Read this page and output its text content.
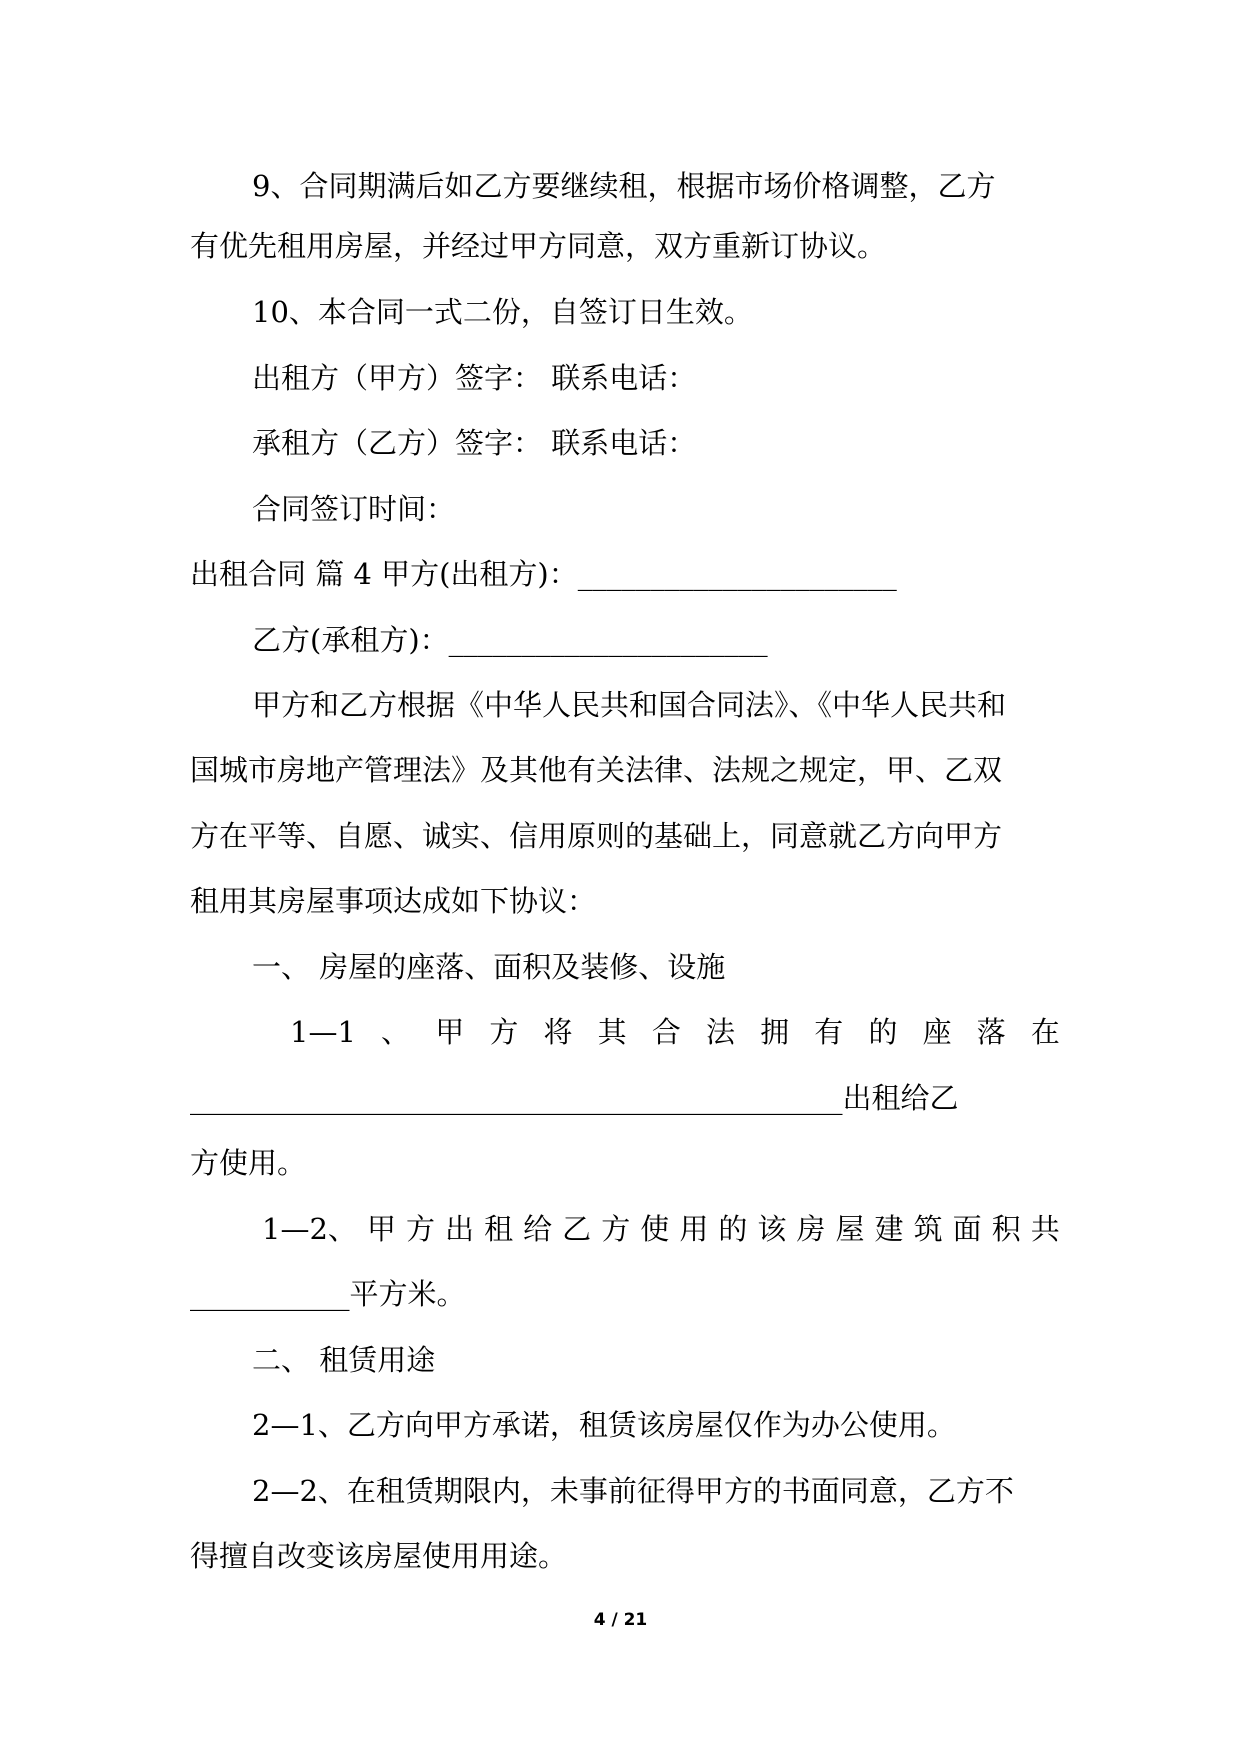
9、合同期满后如乙方要继续租，根据市场价格调整，乙方
有优先租用房屋，并经过甲方同意，双方重新订协议。
10、本合同一式二份，自签订日生效。
出租方（甲方）签字： 联系电话：
承租方（乙方）签字： 联系电话：
合同签订时间：
出租合同 篇 4 甲方(出租方)：______________________
乙方(承租方)：______________________
甲方和乙方根据《中华人民共和国合同法》、《中华人民共和
国城市房地产管理法》及其他有关法律、法规之规定，甲、乙双
方在平等、自愿、诚实、信用原则的基础上，同意就乙方向甲方
租用其房屋事项达成如下协议：
一、 房屋的座落、面积及装修、设施
1—1 、 甲 方 将 其 合 法 拥 有 的 座 落 在
_____________________________________________出租给乙
方使用。
1—2、 甲 方 出 租 给 乙 方 使 用 的 该 房 屋 建 筑 面 积 共
___________平方米。
二、 租赁用途
2—1、乙方向甲方承诺，租赁该房屋仅作为办公使用。
2—2、在租赁期限内，未事前征得甲方的书面同意，乙方不
得擅自改变该房屋使用用途。
4 / 21
